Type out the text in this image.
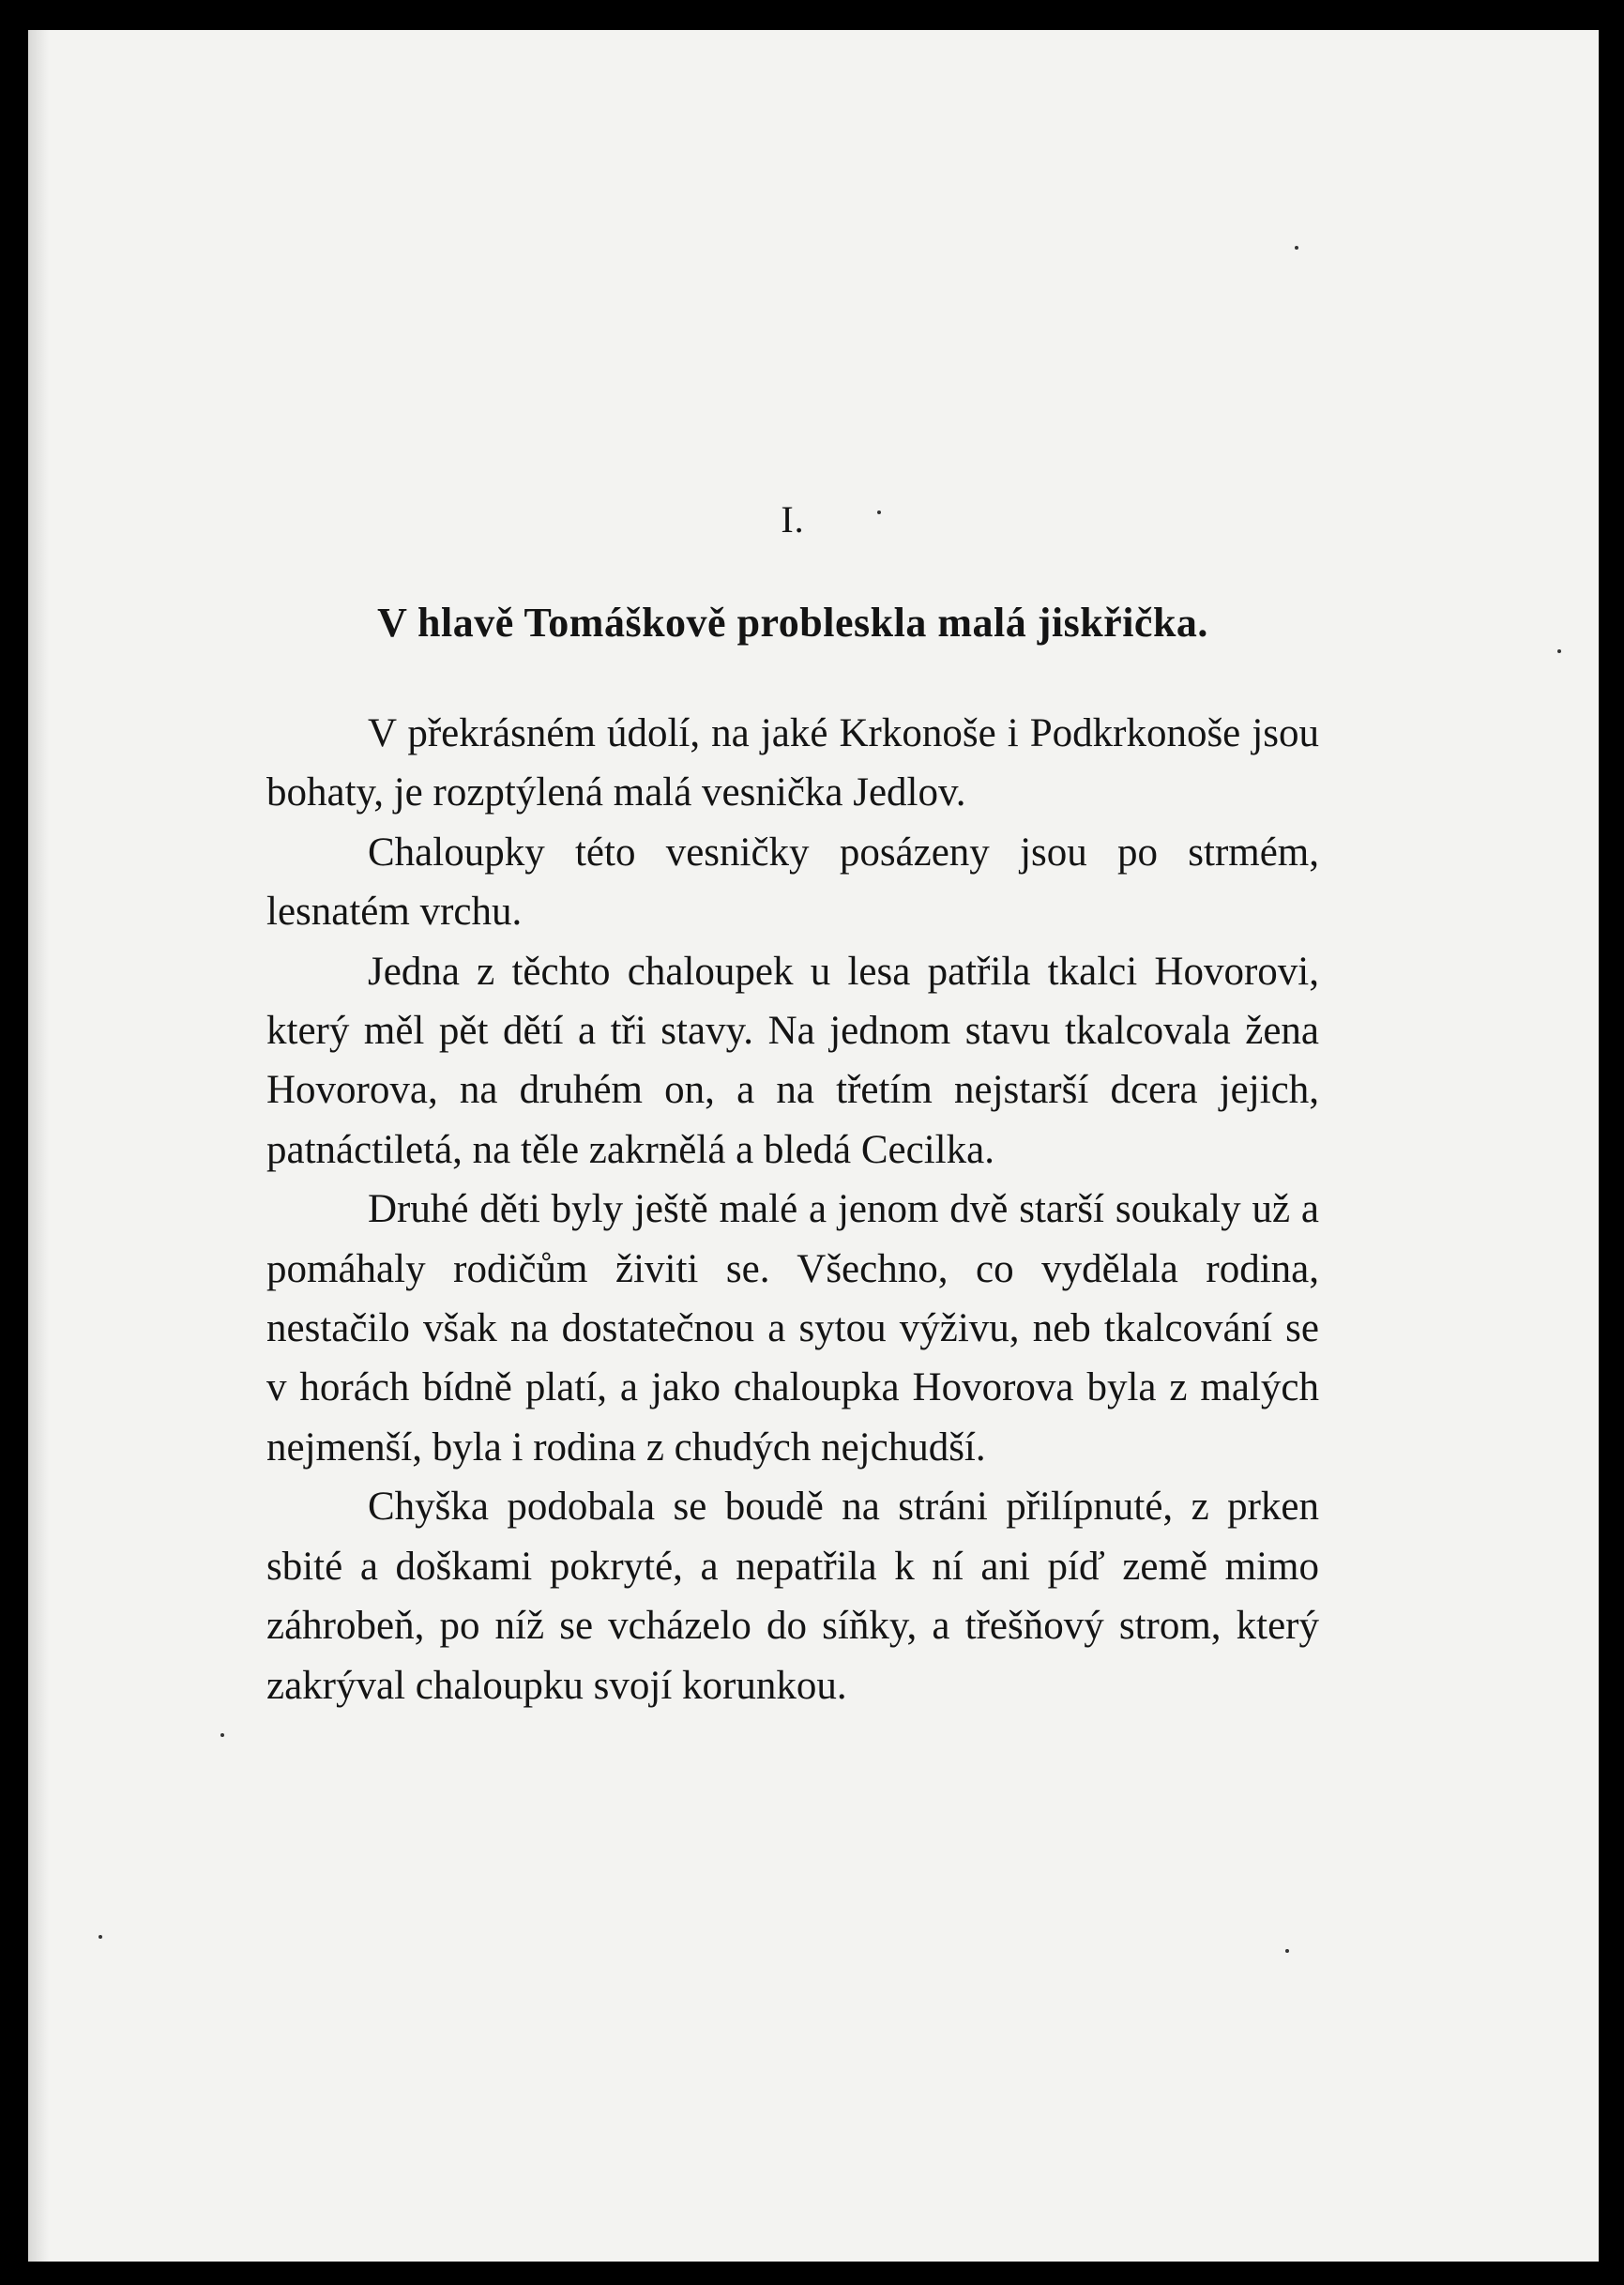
I.

V hlavě Tomáškově probleskla malá jiskřička.

V překrásném údolí, na jaké Krkonoše i Podkrkonoše jsou bohaty, je rozptýlená malá vesnička Jedlov.

Chaloupky této vesničky posázeny jsou po strmém, lesnatém vrchu.

Jedna z těchto chaloupek u lesa patřila tkalci Hovorovi, který měl pět dětí a tři stavy. Na jednom stavu tkalcovala žena Hovorova, na druhém on, a na třetím nejstarší dcera jejich, patnáctiletá, na těle zakrnělá a bledá Cecilka.

Druhé děti byly ještě malé a jenom dvě starší soukaly už a pomáhaly rodičům živiti se. Všechno, co vydělala rodina, nestačilo však na dostatečnou a sytou výživu, neb tkalcování se v horách bídně platí, a jako chaloupka Hovorova byla z malých nejmenší, byla i rodina z chudých nejchudší.

Chyška podobala se boudě na stráni přilípnuté, z prken sbité a doškami pokryté, a nepatřila k ní ani píď země mimo záhrobeň, po níž se vcházelo do síňky, a třešňový strom, který zakrýval chaloupku svojí korunkou.
